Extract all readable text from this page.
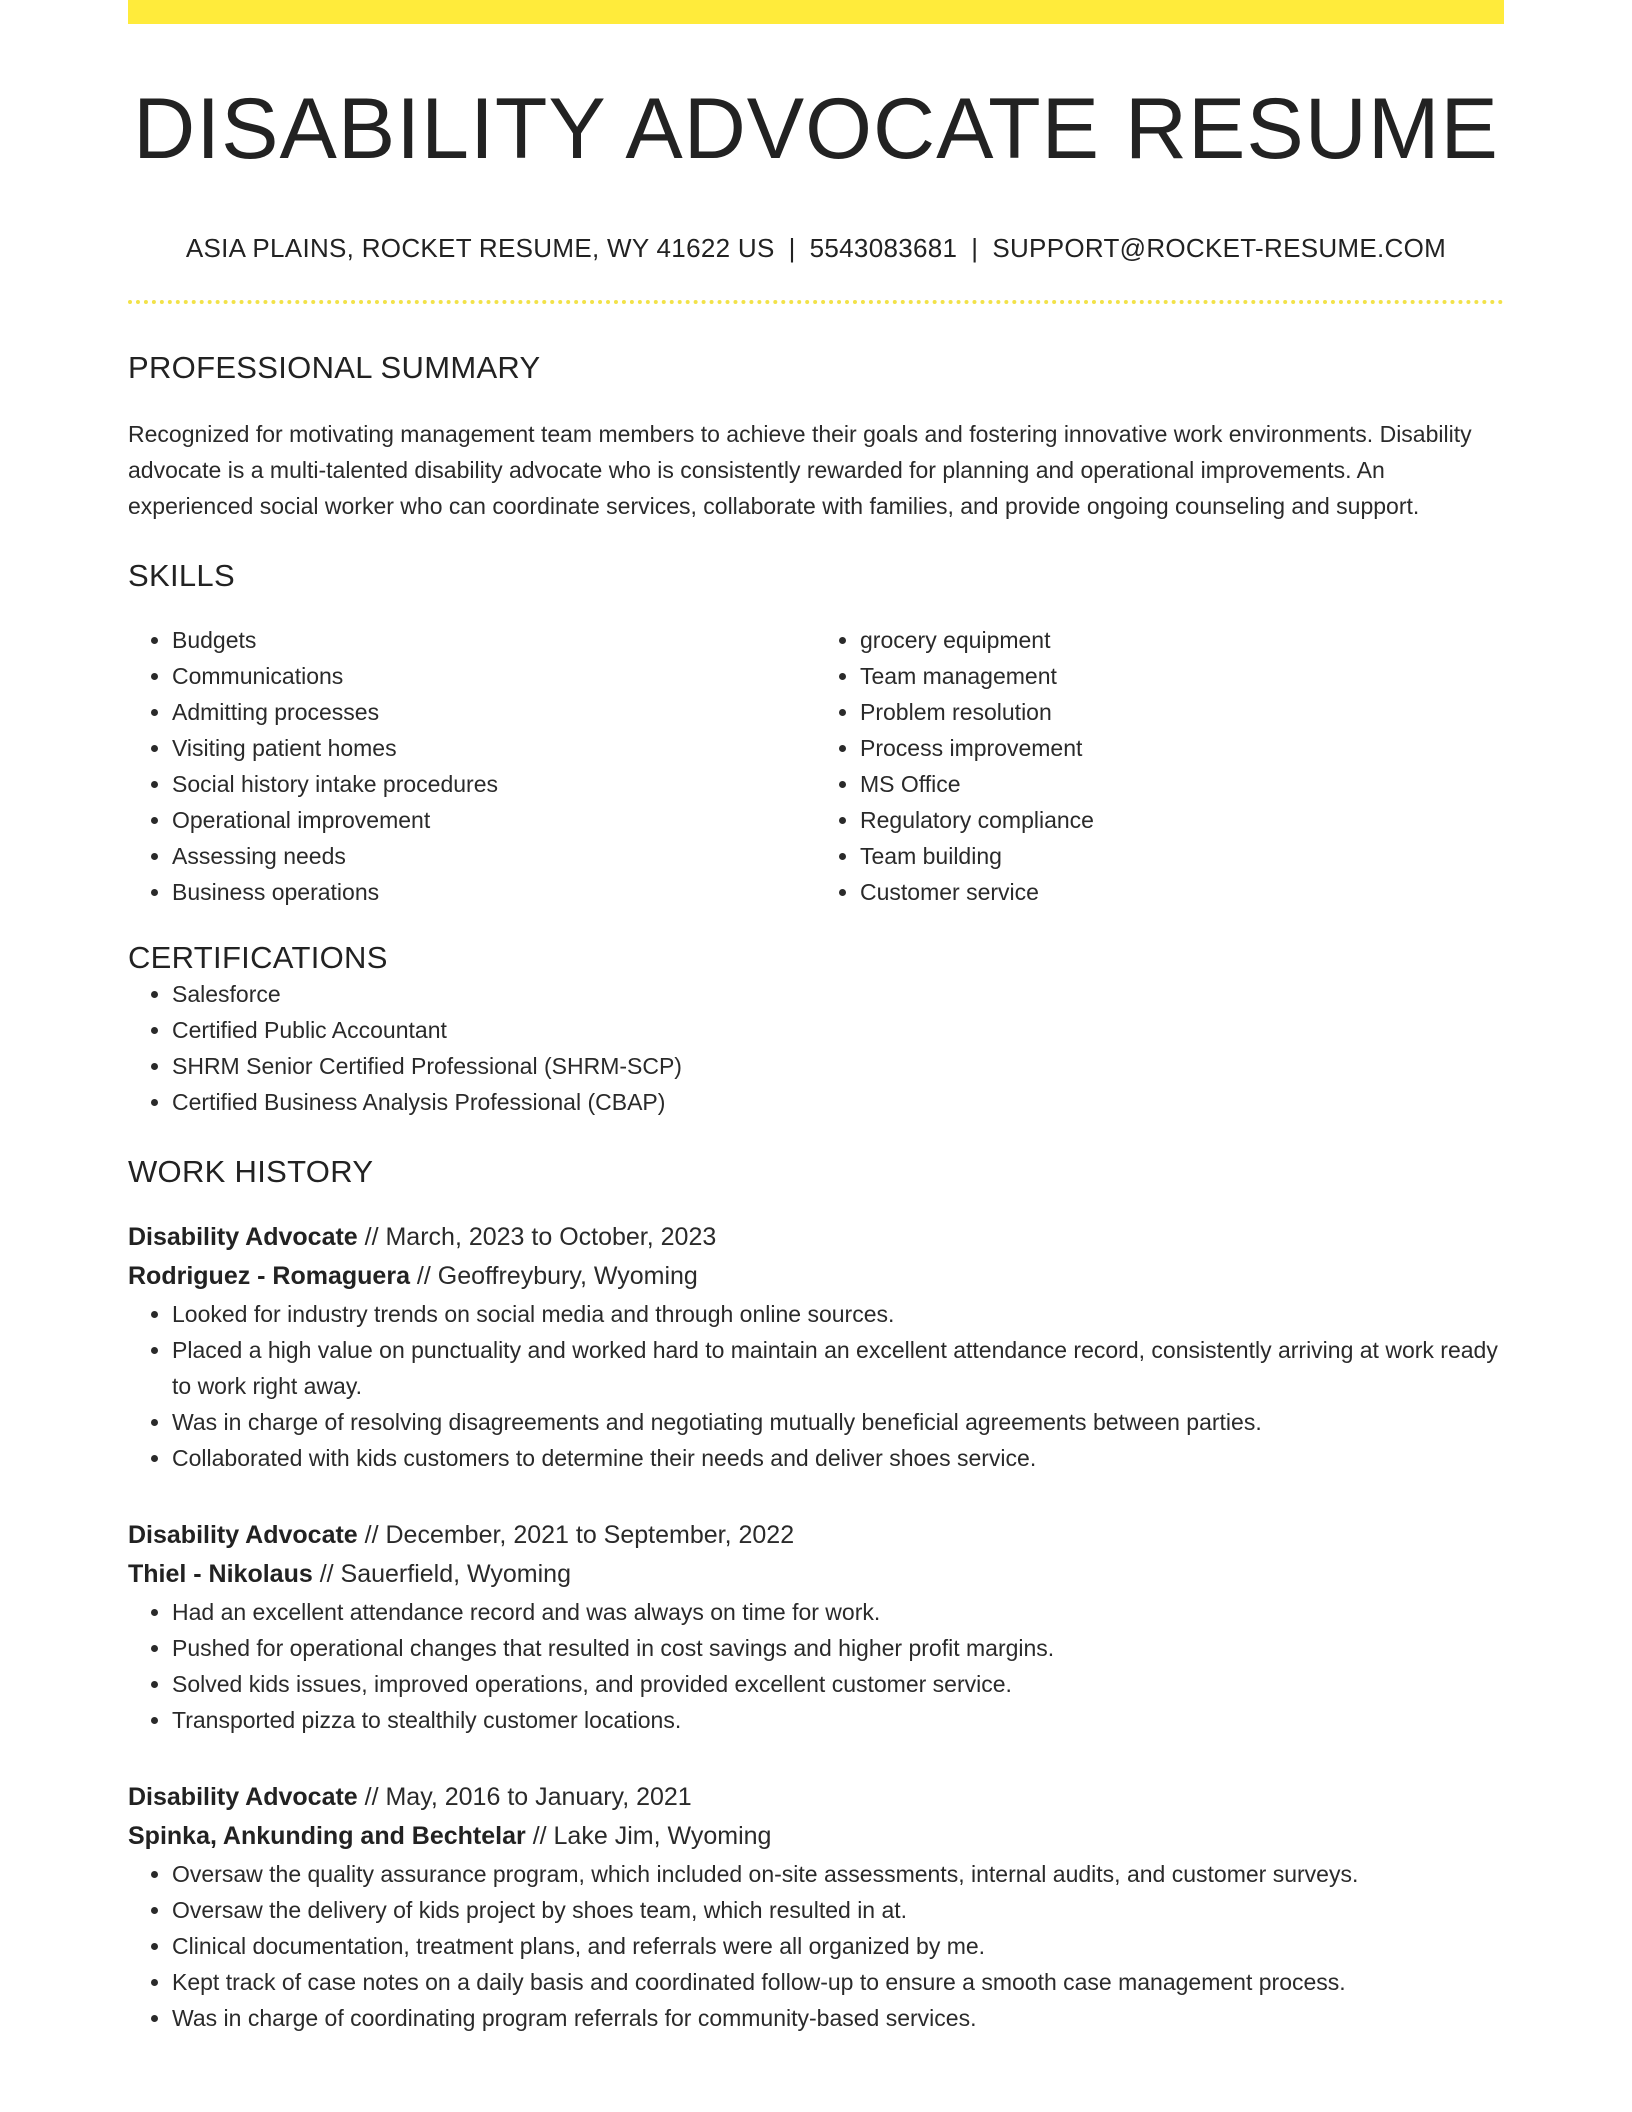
DISABILITY ADVOCATE RESUME
ASIA PLAINS, ROCKET RESUME, WY 41622 US | 5543083681 | SUPPORT@ROCKET-RESUME.COM
PROFESSIONAL SUMMARY

Recognized for motivating management team members to achieve their goals and fostering innovative work environments. Disability advocate is a multi-talented disability advocate who is consistently rewarded for planning and operational improvements. An experienced social worker who can coordinate services, collaborate with families, and provide ongoing counseling and support.

SKILLS
• Budgets
• Communications
• Admitting processes
• Visiting patient homes
• Social history intake procedures
• Operational improvement
• Assessing needs
• Business operations
• grocery equipment
• Team management
• Problem resolution
• Process improvement
• MS Office
• Regulatory compliance
• Team building
• Customer service
CERTIFICATIONS
• Salesforce
• Certified Public Accountant
• SHRM Senior Certified Professional (SHRM-SCP)
• Certified Business Analysis Professional (CBAP)
WORK HISTORY
Disability Advocate // March, 2023 to October, 2023
Rodriguez - Romaguera // Geoffreybury, Wyoming
• Looked for industry trends on social media and through online sources.
• Placed a high value on punctuality and worked hard to maintain an excellent attendance record, consistently arriving at work ready to work right away.
• Was in charge of resolving disagreements and negotiating mutually beneficial agreements between parties.
• Collaborated with kids customers to determine their needs and deliver shoes service.
Disability Advocate // December, 2021 to September, 2022
Thiel - Nikolaus // Sauerfield, Wyoming
• Had an excellent attendance record and was always on time for work.
• Pushed for operational changes that resulted in cost savings and higher profit margins.
• Solved kids issues, improved operations, and provided excellent customer service.
• Transported pizza to stealthily customer locations.
Disability Advocate // May, 2016 to January, 2021
Spinka, Ankunding and Bechtelar // Lake Jim, Wyoming
• Oversaw the quality assurance program, which included on-site assessments, internal audits, and customer surveys.
• Oversaw the delivery of kids project by shoes team, which resulted in at.
• Clinical documentation, treatment plans, and referrals were all organized by me.
• Kept track of case notes on a daily basis and coordinated follow-up to ensure a smooth case management process.
• Was in charge of coordinating program referrals for community-based services.
